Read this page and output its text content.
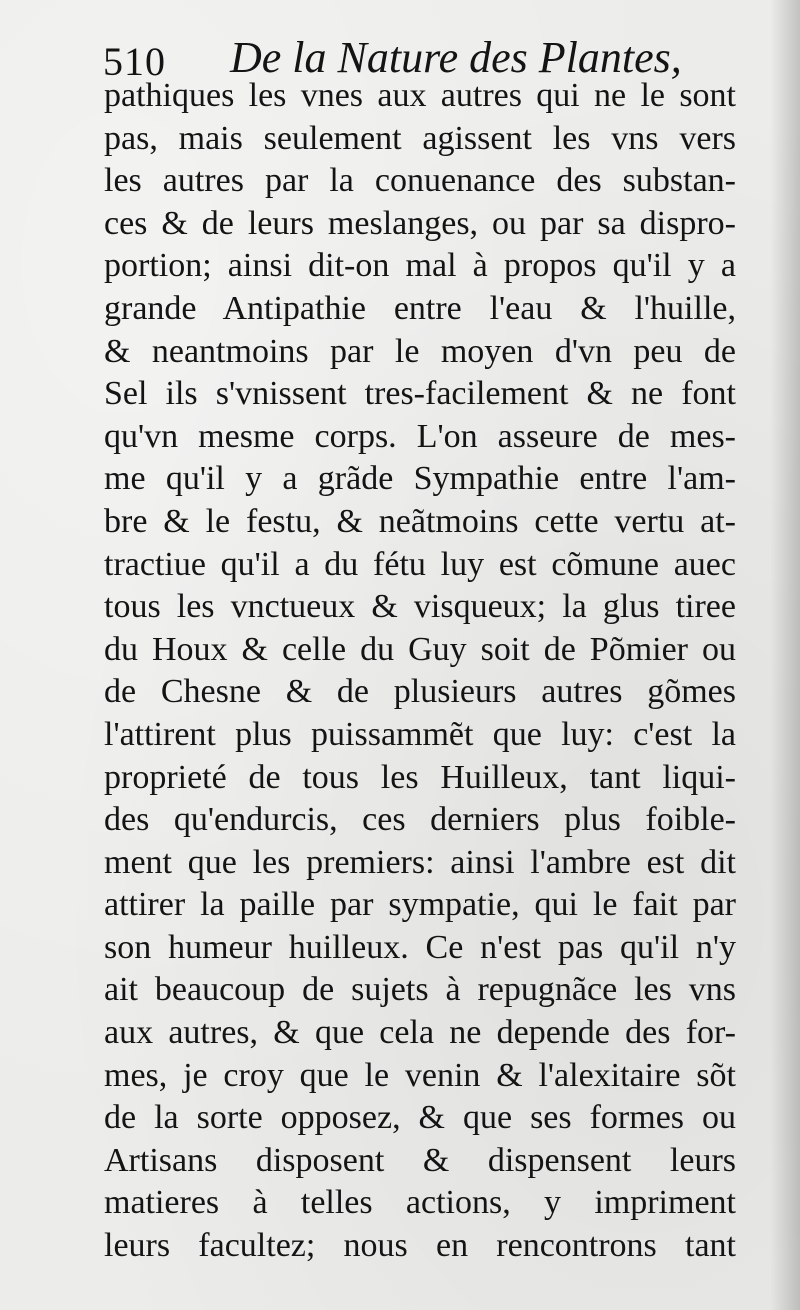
510 De la Nature des Plantes,
pathiques les vnes aux autres qui ne le sont
pas, mais seulement agissent les vns vers
les autres par la conuenance des substan-
ces & de leurs meslanges, ou par sa dispro-
portion; ainsi dit-on mal à propos qu'il y a
grande Antipathie entre l'eau & l'huille,
& neantmoins par le moyen d'vn peu de
Sel ils s'vnissent tres-facilement & ne font
qu'vn mesme corps. L'on asseure de mes-
me qu'il y a grãde Sympathie entre l'am-
bre & le festu, & neãtmoins cette vertu at-
tractiue qu'il a du fétu luy est cõmune auec
tous les vnctueux & visqueux; la glus tiree
du Houx & celle du Guy soit de Põmier ou
de Chesne & de plusieurs autres gõmes
l'attirent plus puissammẽt que luy: c'est la
proprieté de tous les Huilleux, tant liqui-
des qu'endurcis, ces derniers plus foible-
ment que les premiers: ainsi l'ambre est dit
attirer la paille par sympatie, qui le fait par
son humeur huilleux. Ce n'est pas qu'il n'y
ait beaucoup de sujets à repugnãce les vns
aux autres, & que cela ne depende des for-
mes, je croy que le venin & l'alexitaire sõt
de la sorte opposez, & que ses formes ou
Artisans disposent & dispensent leurs
matieres à telles actions, y impriment
leurs facultez; nous en rencontrons tant
